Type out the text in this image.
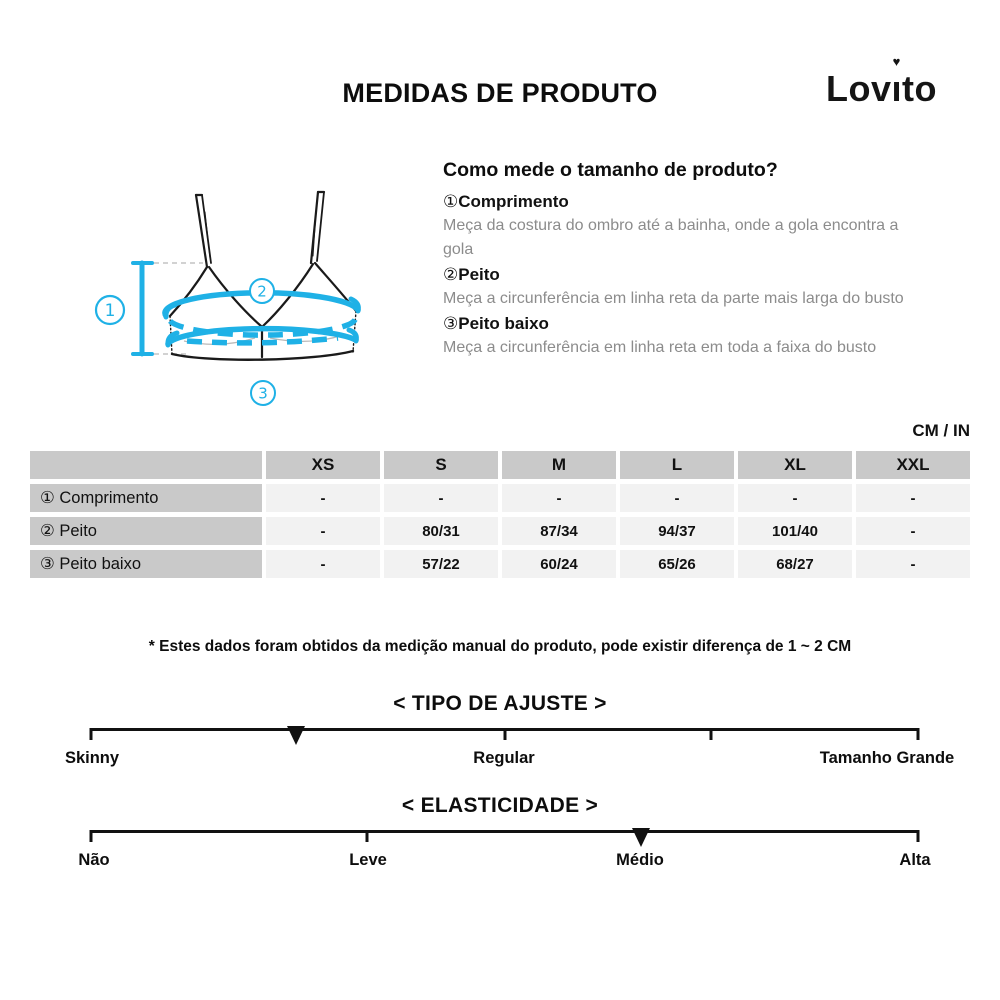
MEDIDAS DE PRODUTO	Lovı
♥
to
1
2
3
Como mede o tamanho de produto?
①Comprimento
Meça da costura do ombro até a bainha, onde a gola encontra a gola
②Peito
Meça a circunferência em linha reta da parte mais larga do busto
③Peito baixo
Meça a circunferência em linha reta em toda a faixa do busto
CM / IN
	XS	S	M	L	XL	XXL
① Comprimento	-	-	-	-	-	-
② Peito	-	80/31	87/34	94/37	101/40	-
③ Peito baixo	-	57/22	60/24	65/26	68/27	-
* Estes dados foram obtidos da medição manual do produto, pode existir diferença de 1 ~ 2 CM
< TIPO DE AJUSTE >
Skinny	Regular	Tamanho Grande
< ELASTICIDADE >
Não	Leve	Médio	Alta
